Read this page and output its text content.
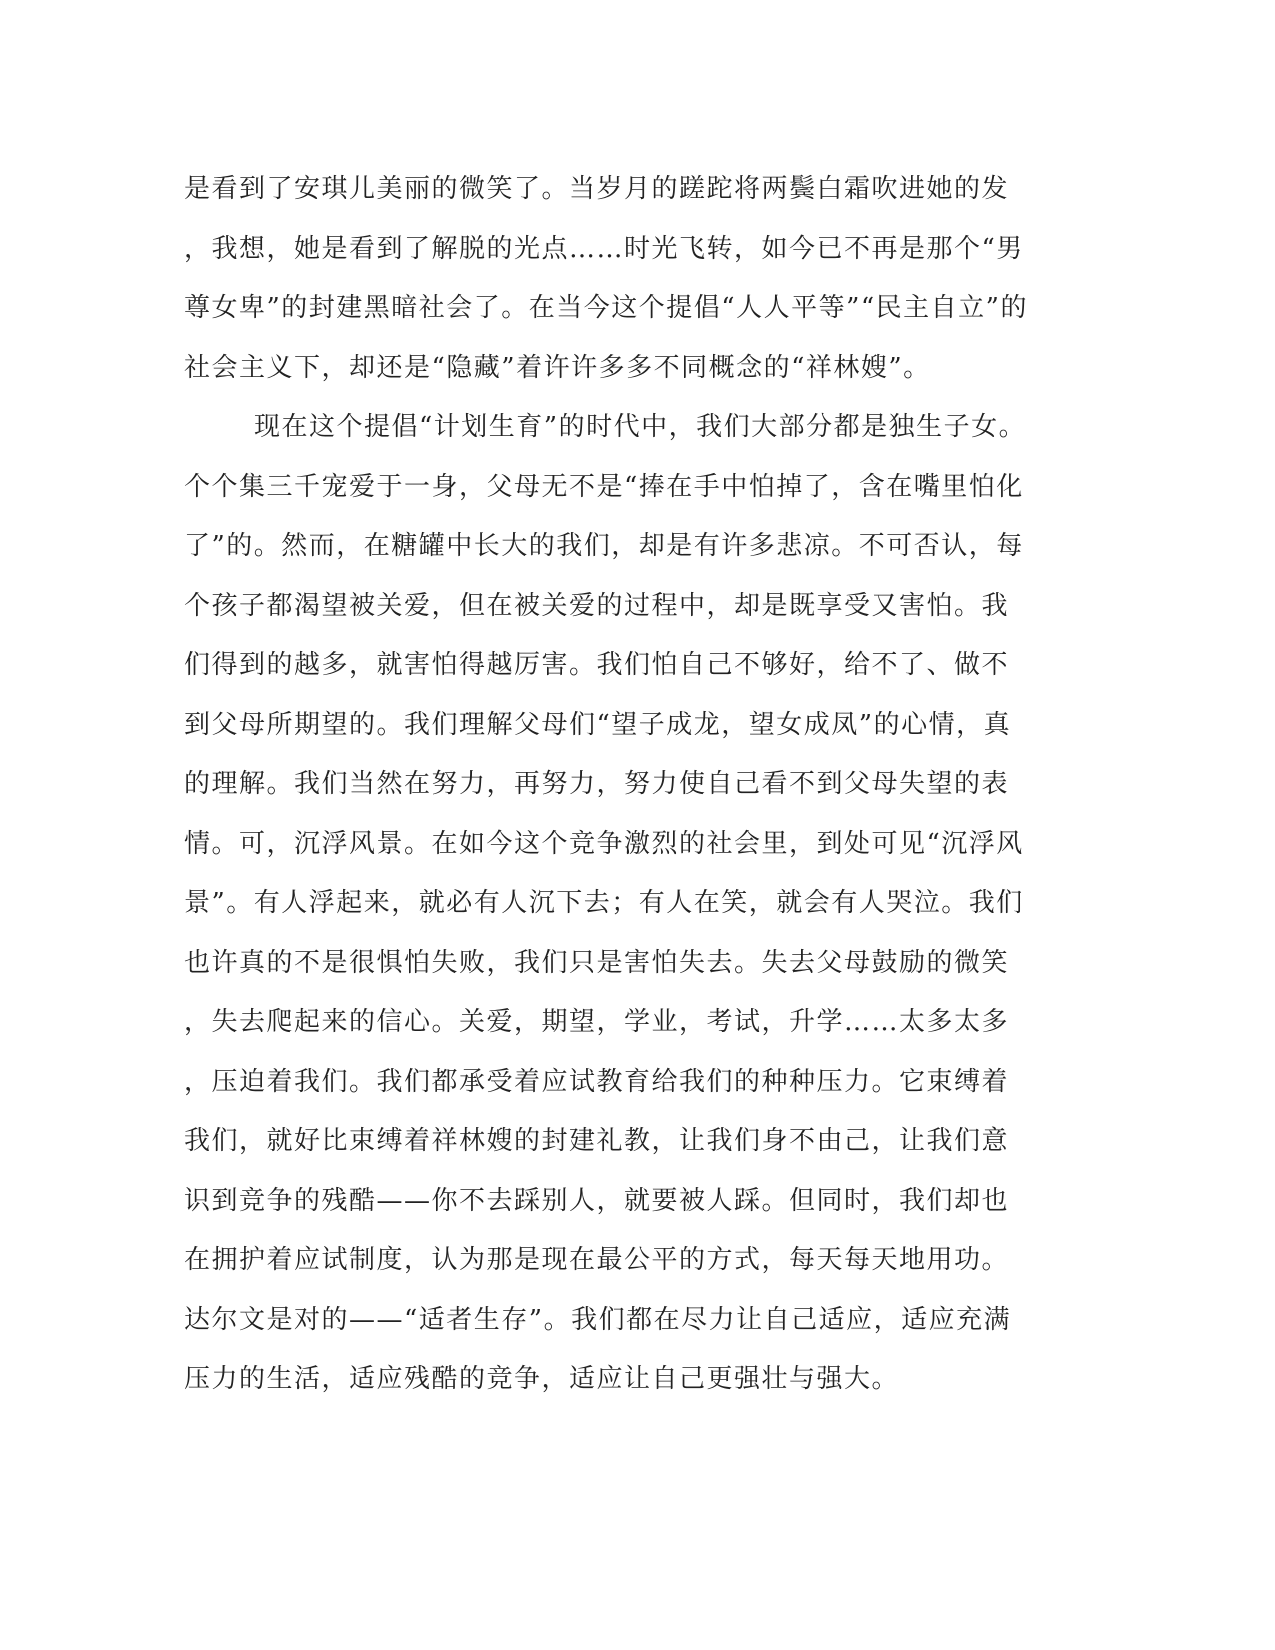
是看到了安琪儿美丽的微笑了。当岁月的蹉跎将两鬓白霜吹进她的发
，我想，她是看到了解脱的光点……时光飞转，如今已不再是那个“男
尊女卑”的封建黑暗社会了。在当今这个提倡“人人平等”“民主自立”的
社会主义下，却还是“隐藏”着许许多多不同概念的“祥林嫂”。
现在这个提倡“计划生育”的时代中，我们大部分都是独生子女。
个个集三千宠爱于一身，父母无不是“捧在手中怕掉了，含在嘴里怕化
了”的。然而，在糖罐中长大的我们，却是有许多悲凉。不可否认，每
个孩子都渴望被关爱，但在被关爱的过程中，却是既享受又害怕。我
们得到的越多，就害怕得越厉害。我们怕自己不够好，给不了、做不
到父母所期望的。我们理解父母们“望子成龙，望女成凤”的心情，真
的理解。我们当然在努力，再努力，努力使自己看不到父母失望的表
情。可，沉浮风景。在如今这个竞争激烈的社会里，到处可见“沉浮风
景”。有人浮起来，就必有人沉下去；有人在笑，就会有人哭泣。我们
也许真的不是很惧怕失败，我们只是害怕失去。失去父母鼓励的微笑
，失去爬起来的信心。关爱，期望，学业，考试，升学……太多太多
，压迫着我们。我们都承受着应试教育给我们的种种压力。它束缚着
我们，就好比束缚着祥林嫂的封建礼教，让我们身不由己，让我们意
识到竞争的残酷——你不去踩别人，就要被人踩。但同时，我们却也
在拥护着应试制度，认为那是现在最公平的方式，每天每天地用功。
达尔文是对的——“适者生存”。我们都在尽力让自己适应，适应充满
压力的生活，适应残酷的竞争，适应让自己更强壮与强大。
